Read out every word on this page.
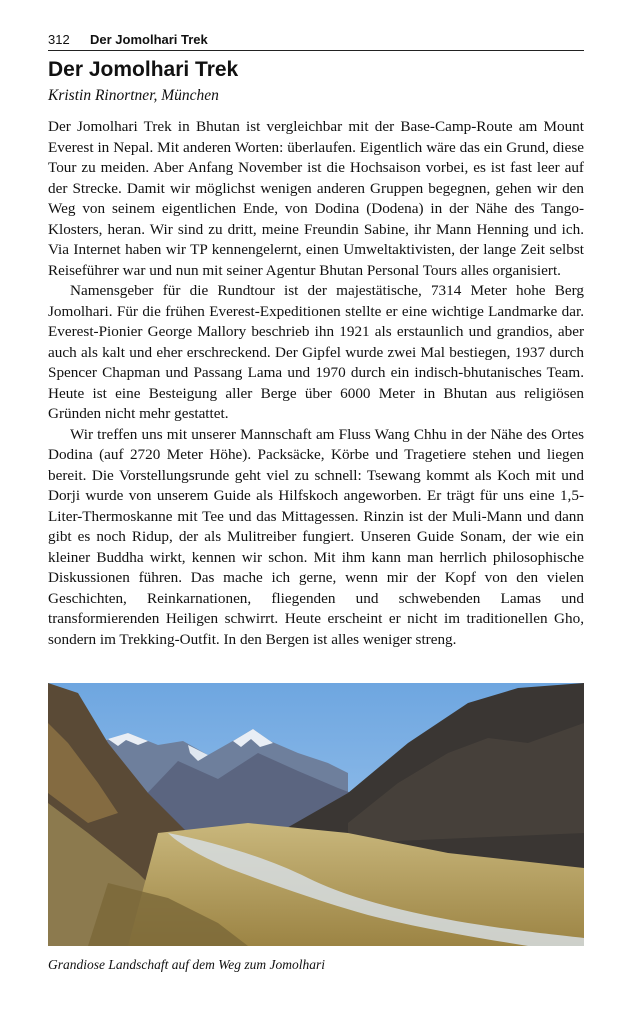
312 Der Jomolhari Trek
Der Jomolhari Trek
Kristin Rinortner, München

Der Jomolhari Trek in Bhutan ist vergleichbar mit der Base-Camp-Route am Mount Everest in Nepal. Mit anderen Worten: überlaufen. Eigentlich wäre das ein Grund, diese Tour zu meiden. Aber Anfang November ist die Hochsaison vorbei, es ist fast leer auf der Strecke. Damit wir möglichst wenigen anderen Gruppen begegnen, gehen wir den Weg von seinem eigentlichen Ende, von Dodina (Dodena) in der Nähe des Tango-Klosters, heran. Wir sind zu dritt, meine Freundin Sabine, ihr Mann Henning und ich. Via Internet haben wir TP kennengelernt, einen Umweltaktivisten, der lange Zeit selbst Reiseführer war und nun mit seiner Agentur Bhutan Personal Tours alles organisiert.

Namensgeber für die Rundtour ist der majestätische, 7314 Meter hohe Berg Jomolhari. Für die frühen Everest-Expeditionen stellte er eine wichtige Landmarke dar. Everest-Pionier George Mallory beschrieb ihn 1921 als erstaunlich und grandios, aber auch als kalt und eher erschreckend. Der Gipfel wurde zwei Mal bestiegen, 1937 durch Spencer Chapman und Passang Lama und 1970 durch ein indisch-bhutanisches Team. Heute ist eine Besteigung aller Berge über 6000 Meter in Bhutan aus religiösen Gründen nicht mehr gestattet.

Wir treffen uns mit unserer Mannschaft am Fluss Wang Chhu in der Nähe des Ortes Dodina (auf 2720 Meter Höhe). Packsäcke, Körbe und Tragetiere stehen und liegen bereit. Die Vorstellungsrunde geht viel zu schnell: Tsewang kommt als Koch mit und Dorji wurde von unserem Guide als Hilfskoch angeworben. Er trägt für uns eine 1,5-Liter-Thermoskanne mit Tee und das Mittagessen. Rinzin ist der Muli-Mann und dann gibt es noch Ridup, der als Mulitreiber fungiert. Unseren Guide Sonam, der wie ein kleiner Buddha wirkt, kennen wir schon. Mit ihm kann man herrlich philosophische Diskussionen führen. Das mache ich gerne, wenn mir der Kopf von den vielen Geschichten, Reinkarnationen, fliegenden und schwebenden Lamas und transformierenden Heiligen schwirrt. Heute erscheint er nicht im traditionellen Gho, sondern im Trekking-Outfit. In den Bergen ist alles weniger streng.

Grandiose Landschaft auf dem Weg zum Jomolhari
